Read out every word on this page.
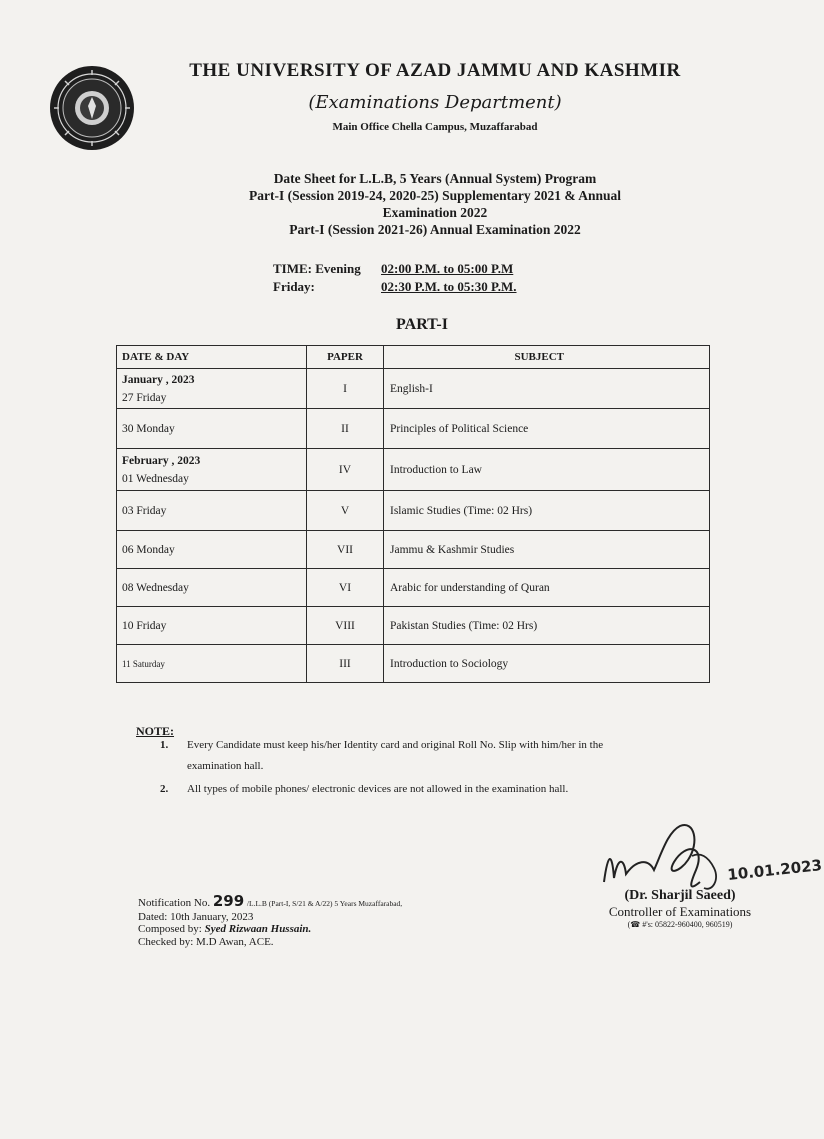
THE UNIVERSITY OF AZAD JAMMU AND KASHMIR
(Examinations Department)
Main Office Chella Campus, Muzaffarabad
Date Sheet for L.L.B, 5 Years (Annual System) Program
Part-I (Session 2019-24, 2020-25) Supplementary 2021 & Annual
Examination 2022
Part-I (Session 2021-26) Annual Examination 2022
TIME: Evening	02:00 P.M. to 05:00 P.M
Friday:	02:30 P.M. to 05:30 P.M.
PART-I
DATE & DAY	PAPER	SUBJECT

January , 2023
27 Friday	I	English-I
30 Monday	II	Principles of Political Science

February , 2023
01 Wednesday	IV	Introduction to Law
03 Friday	V	Islamic Studies (Time: 02 Hrs)
06 Monday	VII	Jammu & Kashmir Studies
08 Wednesday	VI	Arabic for understanding of Quran
10 Friday	VIII	Pakistan Studies (Time: 02 Hrs)
11 Saturday	III	Introduction to Sociology
NOTE:
1. Every Candidate must keep his/her Identity card and original Roll No. Slip with him/her in the
examination hall.
2. All types of mobile phones/ electronic devices are not allowed in the examination hall.
Notification No. 299 /L.L.B (Part-I, S/21 & A/22) 5 Years Muzaffarabad,
Dated: 10th January, 2023
Composed by: Syed Rizwaan Hussain.
Checked by: M.D Awan, ACE.
10.01.2023
(Dr. Sharjil Saeed)
Controller of Examinations
(☎ #'s: 05822-960400, 960519)
